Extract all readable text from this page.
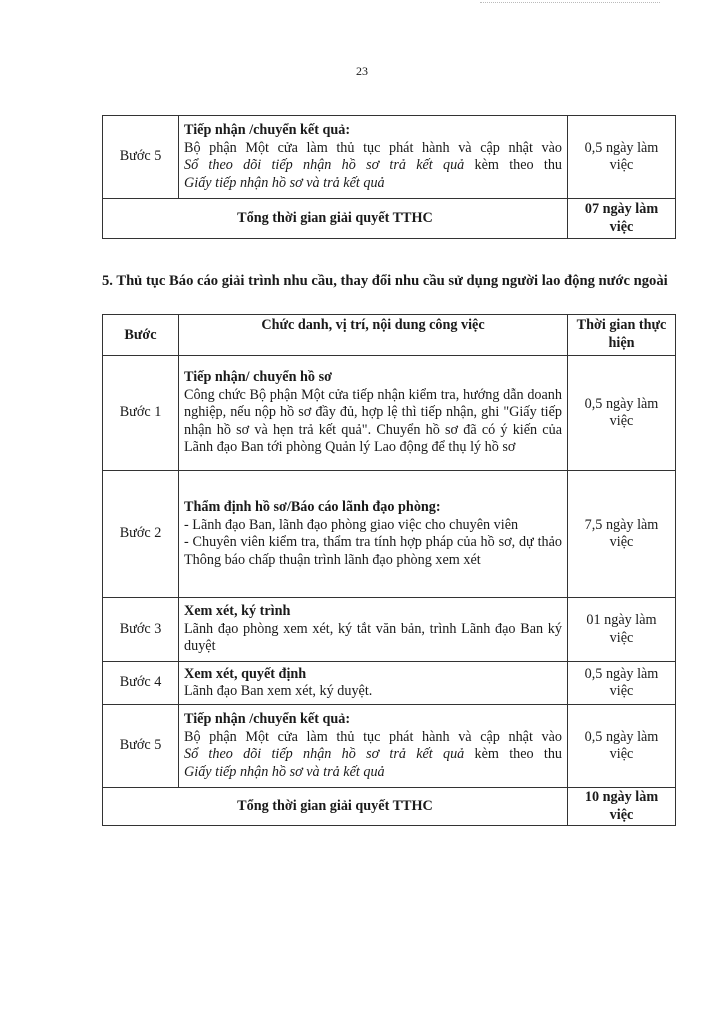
23
Bước 5	Tiếp nhận /chuyển kết quả:
Bộ phận Một cửa làm thủ tục phát hành và cập nhật vào
Sổ theo dõi tiếp nhận hồ sơ trả kết quả kèm theo thu
Giấy tiếp nhận hồ sơ và trả kết quả	0,5 ngày làm việc
Tổng thời gian giải quyết TTHC		07 ngày làm việc
5. Thủ tục Báo cáo giải trình nhu cầu, thay đổi nhu cầu sử dụng người lao động nước ngoài
Bước	Chức danh, vị trí, nội dung công việc	Thời gian thực hiện
Bước 1	Tiếp nhận/ chuyển hồ sơ
Công chức Bộ phận Một cửa tiếp nhận kiểm tra, hướng dẫn doanh nghiệp, nếu nộp hồ sơ đầy đủ, hợp lệ thì tiếp nhận, ghi "Giấy tiếp nhận hồ sơ và hẹn trả kết quả". Chuyển hồ sơ đã có ý kiến của Lãnh đạo Ban tới phòng Quản lý Lao động để thụ lý hồ sơ	0,5 ngày làm việc
Bước 2	Thẩm định hồ sơ/Báo cáo lãnh đạo phòng:
- Lãnh đạo Ban, lãnh đạo phòng giao việc cho chuyên viên
- Chuyên viên kiểm tra, thẩm tra tính hợp pháp của hồ sơ, dự thảo Thông báo chấp thuận trình lãnh đạo phòng xem xét	7,5 ngày làm việc
Bước 3	Xem xét, ký trình
Lãnh đạo phòng xem xét, ký tắt văn bản, trình Lãnh đạo Ban ký duyệt	01 ngày làm việc
Bước 4	Xem xét, quyết định
Lãnh đạo Ban xem xét, ký duyệt.	0,5 ngày làm việc
Bước 5	Tiếp nhận /chuyển kết quả:
Bộ phận Một cửa làm thủ tục phát hành và cập nhật vào
Sổ theo dõi tiếp nhận hồ sơ trả kết quả kèm theo thu
Giấy tiếp nhận hồ sơ và trả kết quả	0,5 ngày làm việc
Tổng thời gian giải quyết TTHC		10 ngày làm việc
